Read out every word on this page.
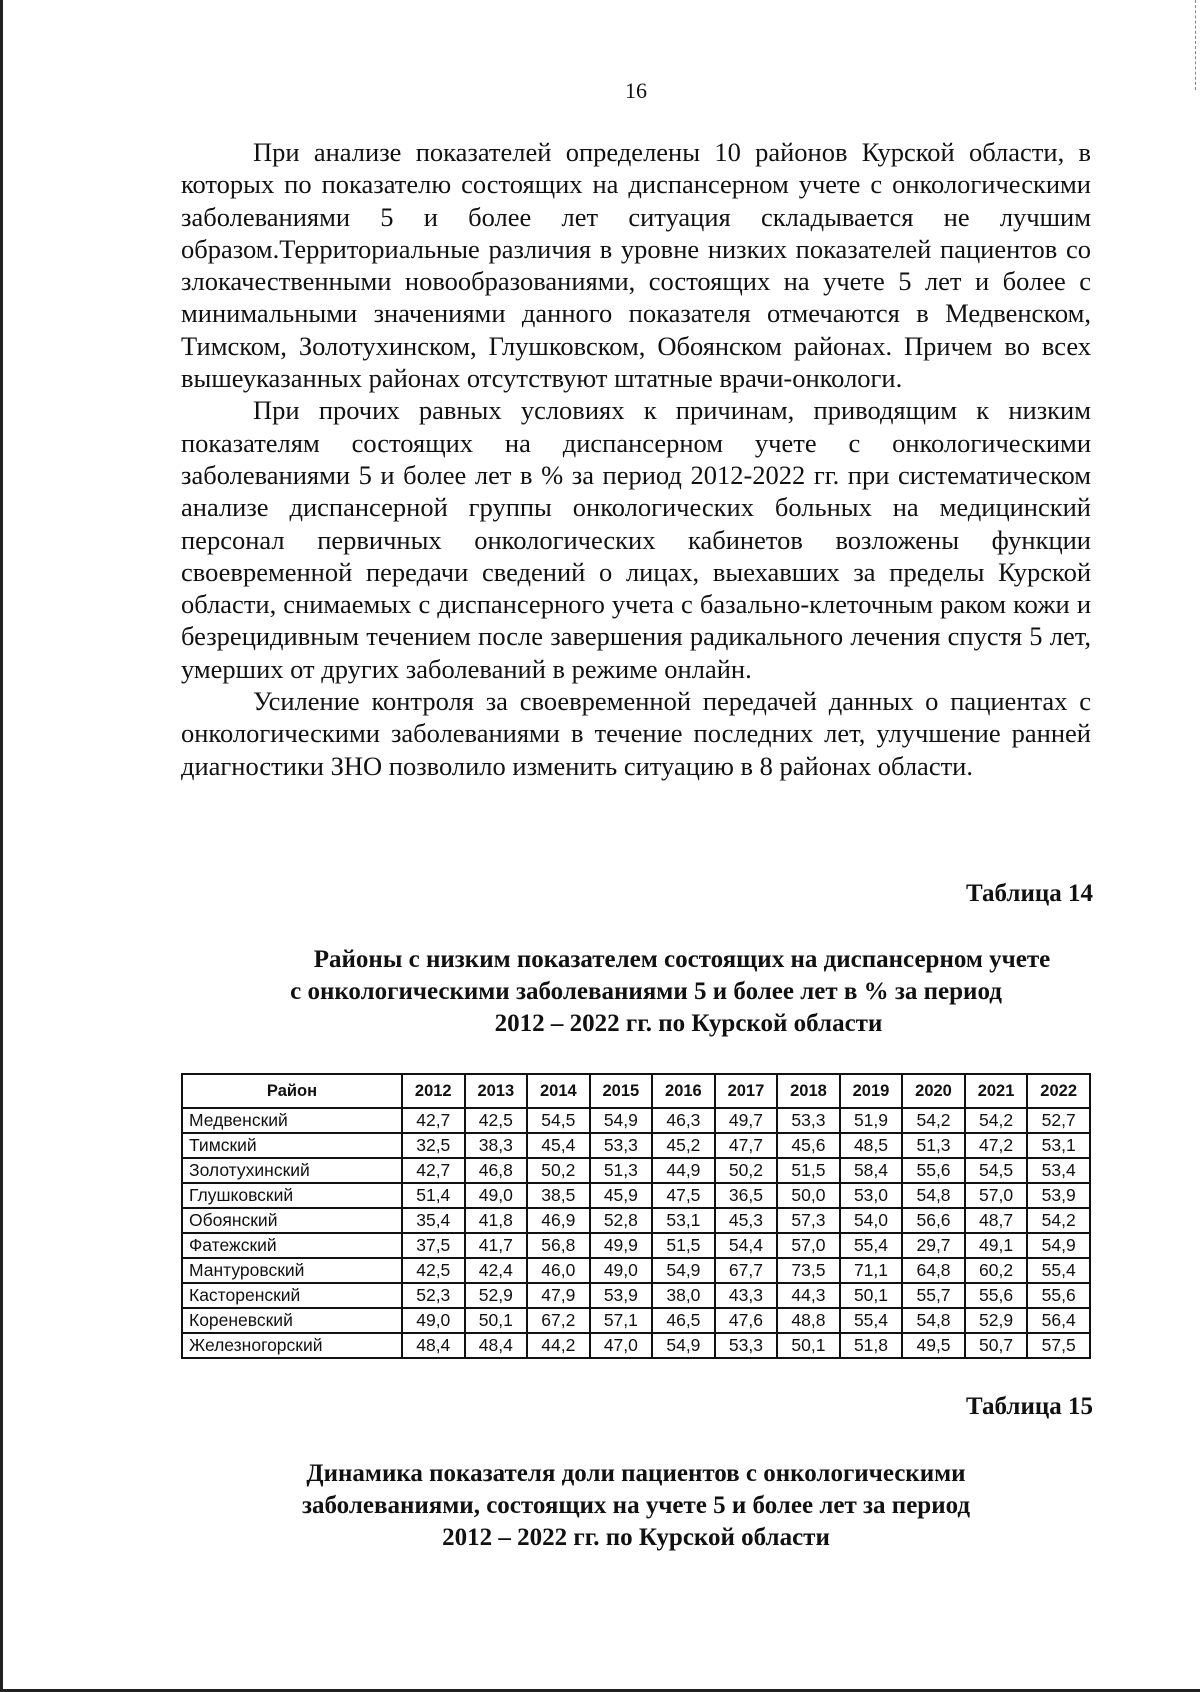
16

При анализе показателей определены 10 районов Курской области, в которых по показателю состоящих на диспансерном учете с онкологическими заболеваниями 5 и более лет ситуация складывается не лучшим образом.Территориальные различия в уровне низких показателей пациентов со злокачественными новообразованиями, состоящих на учете 5 лет и более с минимальными значениями данного показателя отмечаются в Медвенском, Тимском, Золотухинском, Глушковском, Обоянском районах. Причем во всех вышеуказанных районах отсутствуют штатные врачи-онкологи.

При прочих равных условиях к причинам, приводящим к низким показателям состоящих на диспансерном учете с онкологическими заболеваниями 5 и более лет в % за период 2012-2022 гг. при систематическом анализе диспансерной группы онкологических больных на медицинский персонал первичных онкологических кабинетов возложены функции своевременной передачи сведений о лицах, выехавших за пределы Курской области, снимаемых с диспансерного учета с базально-клеточным раком кожи и безрецидивным течением после завершения радикального лечения спустя 5 лет, умерших от других заболеваний в режиме онлайн.

Усиление контроля за своевременной передачей данных о пациентах с онкологическими заболеваниями в течение последних лет, улучшение ранней диагностики ЗНО позволило изменить ситуацию в 8 районах области.

Таблица 14
Районы с низким показателем состоящих на диспансерном учете
с онкологическими заболеваниями 5 и более лет в % за период
2012 – 2022 гг. по Курской области
Район	2012	2013	2014	2015	2016	2017	2018	2019	2020	2021	2022
Медвенский	42,7	42,5	54,5	54,9	46,3	49,7	53,3	51,9	54,2	54,2	52,7
Тимский	32,5	38,3	45,4	53,3	45,2	47,7	45,6	48,5	51,3	47,2	53,1
Золотухинский	42,7	46,8	50,2	51,3	44,9	50,2	51,5	58,4	55,6	54,5	53,4
Глушковский	51,4	49,0	38,5	45,9	47,5	36,5	50,0	53,0	54,8	57,0	53,9
Обоянский	35,4	41,8	46,9	52,8	53,1	45,3	57,3	54,0	56,6	48,7	54,2
Фатежский	37,5	41,7	56,8	49,9	51,5	54,4	57,0	55,4	29,7	49,1	54,9
Мантуровский	42,5	42,4	46,0	49,0	54,9	67,7	73,5	71,1	64,8	60,2	55,4
Касторенский	52,3	52,9	47,9	53,9	38,0	43,3	44,3	50,1	55,7	55,6	55,6
Кореневский	49,0	50,1	67,2	57,1	46,5	47,6	48,8	55,4	54,8	52,9	56,4
Железногорский	48,4	48,4	44,2	47,0	54,9	53,3	50,1	51,8	49,5	50,7	57,5
Таблица 15
Динамика показателя доли пациентов с онкологическими
заболеваниями, состоящих на учете 5 и более лет за период
2012 – 2022 гг. по Курской области
